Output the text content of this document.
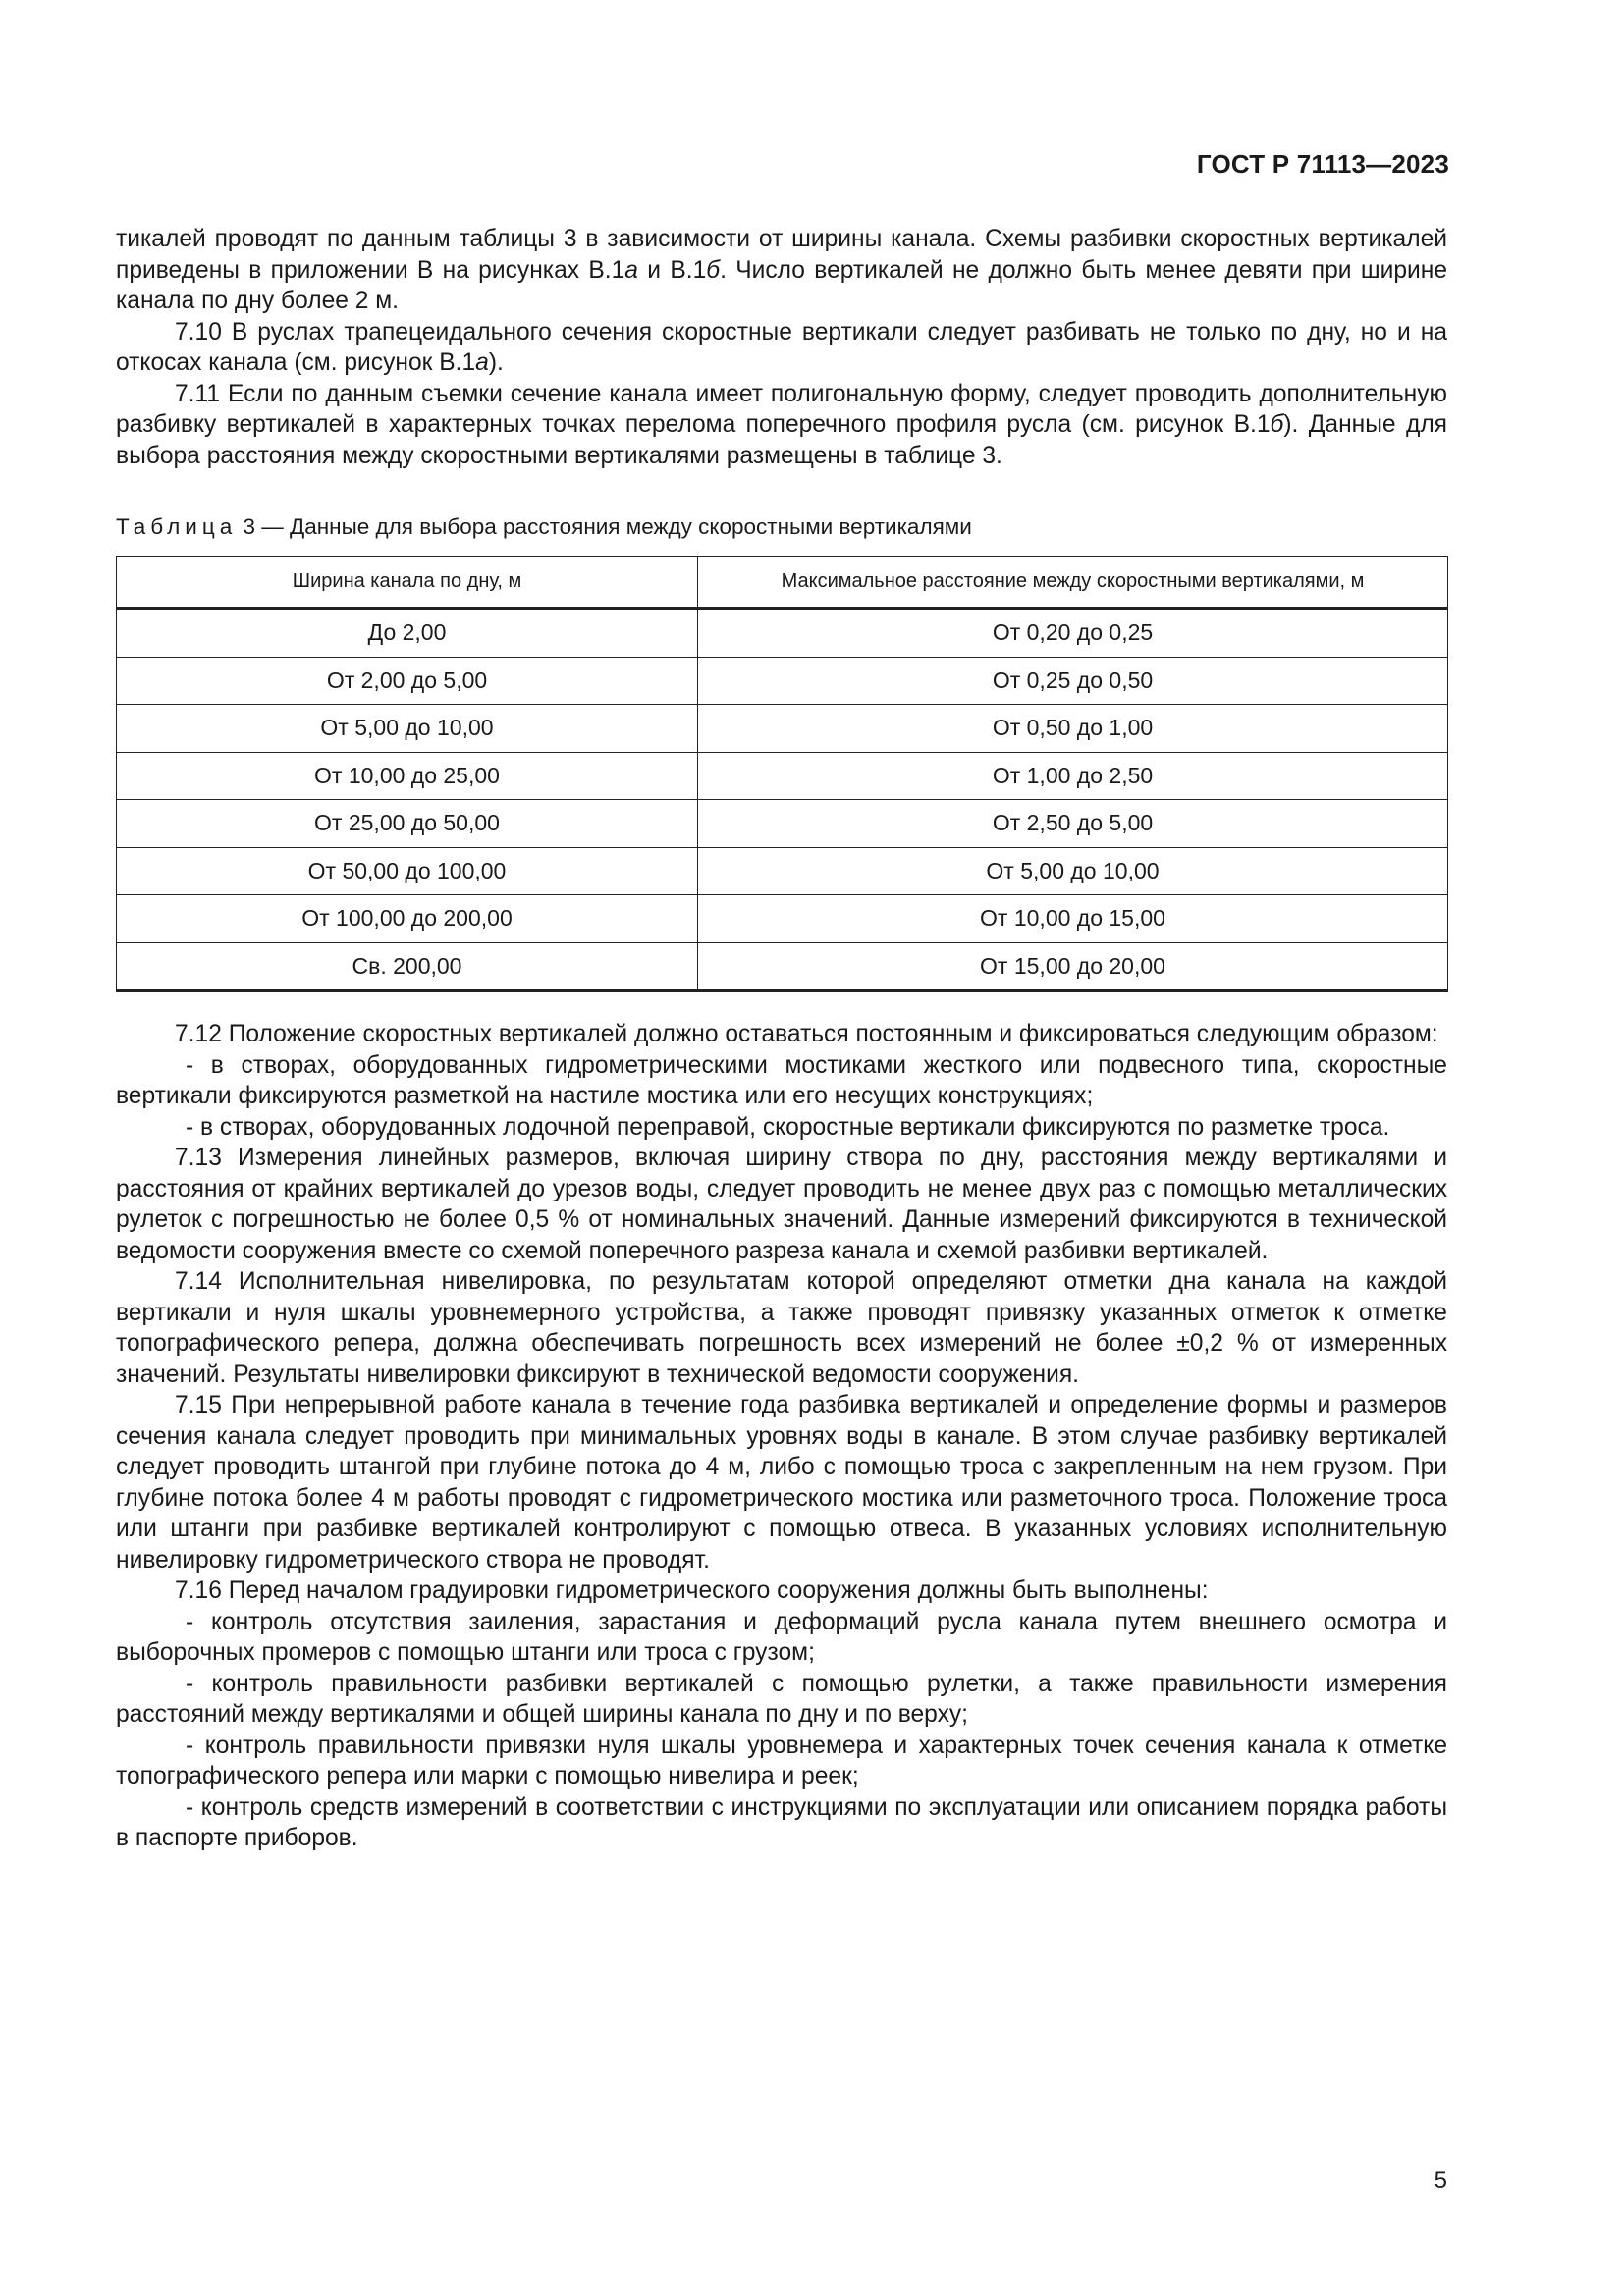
ГОСТ Р 71113—2023

тикалей проводят по данным таблицы 3 в зависимости от ширины канала. Схемы разбивки скоростных вертикалей приведены в приложении В на рисунках В.1а и В.1б. Число вертикалей не должно быть менее девяти при ширине канала по дну более 2 м.

7.10 В руслах трапецеидального сечения скоростные вертикали следует разбивать не только по дну, но и на откосах канала (см. рисунок В.1а).

7.11 Если по данным съемки сечение канала имеет полигональную форму, следует проводить дополнительную разбивку вертикалей в характерных точках перелома поперечного профиля русла (см. рисунок В.1б). Данные для выбора расстояния между скоростными вертикалями размещены в таблице 3.

Таблица 3 — Данные для выбора расстояния между скоростными вертикалями
Ширина канала по дну, м	Максимальное расстояние между скоростными вертикалями, м
До 2,00	От 0,20 до 0,25
От 2,00 до 5,00	От 0,25 до 0,50
От 5,00 до 10,00	От 0,50 до 1,00
От 10,00 до 25,00	От 1,00 до 2,50
От 25,00 до 50,00	От 2,50 до 5,00
От 50,00 до 100,00	От 5,00 до 10,00
От 100,00 до 200,00	От 10,00 до 15,00
Св. 200,00	От 15,00 до 20,00

7.12 Положение скоростных вертикалей должно оставаться постоянным и фиксироваться следующим образом:

- в створах, оборудованных гидрометрическими мостиками жесткого или подвесного типа, скоростные вертикали фиксируются разметкой на настиле мостика или его несущих конструкциях;

- в створах, оборудованных лодочной переправой, скоростные вертикали фиксируются по разметке троса.

7.13 Измерения линейных размеров, включая ширину створа по дну, расстояния между вертикалями и расстояния от крайних вертикалей до урезов воды, следует проводить не менее двух раз с помощью металлических рулеток с погрешностью не более 0,5 % от номинальных значений. Данные измерений фиксируются в технической ведомости сооружения вместе со схемой поперечного разреза канала и схемой разбивки вертикалей.

7.14 Исполнительная нивелировка, по результатам которой определяют отметки дна канала на каждой вертикали и нуля шкалы уровнемерного устройства, а также проводят привязку указанных отметок к отметке топографического репера, должна обеспечивать погрешность всех измерений не более ±0,2 % от измеренных значений. Результаты нивелировки фиксируют в технической ведомости сооружения.

7.15 При непрерывной работе канала в течение года разбивка вертикалей и определение формы и размеров сечения канала следует проводить при минимальных уровнях воды в канале. В этом случае разбивку вертикалей следует проводить штангой при глубине потока до 4 м, либо с помощью троса с закрепленным на нем грузом. При глубине потока более 4 м работы проводят с гидрометрического мостика или разметочного троса. Положение троса или штанги при разбивке вертикалей контролируют с помощью отвеса. В указанных условиях исполнительную нивелировку гидрометрического створа не проводят.

7.16 Перед началом градуировки гидрометрического сооружения должны быть выполнены:

- контроль отсутствия заиления, зарастания и деформаций русла канала путем внешнего осмотра и выборочных промеров с помощью штанги или троса с грузом;

- контроль правильности разбивки вертикалей с помощью рулетки, а также правильности измерения расстояний между вертикалями и общей ширины канала по дну и по верху;

- контроль правильности привязки нуля шкалы уровнемера и характерных точек сечения канала к отметке топографического репера или марки с помощью нивелира и реек;

- контроль средств измерений в соответствии с инструкциями по эксплуатации или описанием порядка работы в паспорте приборов.

5
